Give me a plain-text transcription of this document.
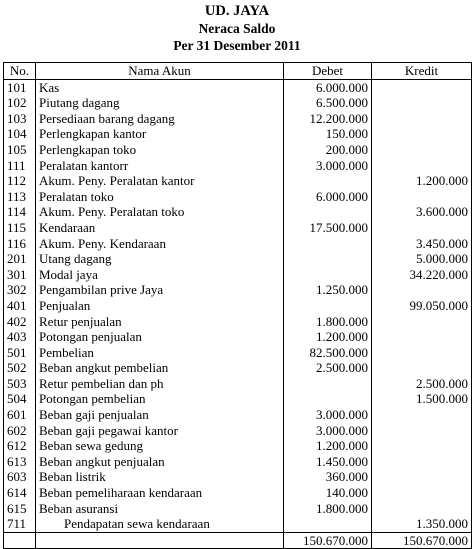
UD. JAYA
Neraca Saldo
Per 31 Desember 2011
No.	Nama Akun	Debet	Kredit
101	Kas	6.000.000	
102	Piutang dagang	6.500.000	
103	Persediaan barang dagang	12.200.000	
104	Perlengkapan kantor	150.000	
105	Perlengkapan toko	200.000	
111	Peralatan kantorr	3.000.000	
112	Akum. Peny. Peralatan kantor		1.200.000
113	Peralatan toko	6.000.000	
114	Akum. Peny. Peralatan toko		3.600.000
115	Kendaraan	17.500.000	
116	Akum. Peny. Kendaraan		3.450.000
201	Utang dagang		5.000.000
301	Modal jaya		34.220.000
302	Pengambilan prive Jaya	1.250.000	
401	Penjualan		99.050.000
402	Retur penjualan	1.800.000	
403	Potongan penjualan	1.200.000	
501	Pembelian	82.500.000	
502	Beban angkut pembelian	2.500.000	
503	Retur pembelian dan ph		2.500.000
504	Potongan pembelian		1.500.000
601	Beban gaji penjualan	3.000.000	
602	Beban gaji pegawai kantor	3.000.000	
612	Beban sewa gedung	1.200.000	
613	Beban angkut penjualan	1.450.000	
603	Beban listrik	360.000	
614	Beban pemeliharaan kendaraan	140.000	
615	Beban asuransi	1.800.000	
711	Pendapatan sewa kendaraan		1.350.000
		150.670.000	150.670.000
